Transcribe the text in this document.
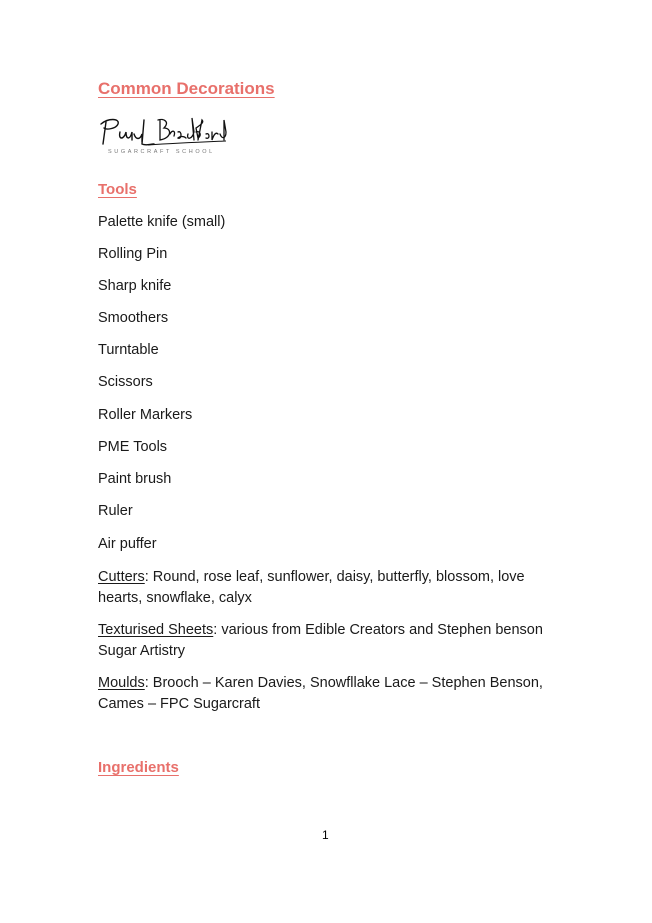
Common Decorations
SUGARCRAFT SCHOOL
Tools

Palette knife (small)

Rolling Pin

Sharp knife

Smoothers

Turntable

Scissors

Roller Markers

PME Tools

Paint brush

Ruler

Air puffer

Cutters: Round, rose leaf, sunflower, daisy, butterfly, blossom, love hearts, snowflake, calyx

Texturised Sheets: various from Edible Creators and Stephen benson Sugar Artistry

Moulds: Brooch – Karen Davies, Snowfllake Lace – Stephen Benson, Cames – FPC Sugarcraft

Ingredients
1
